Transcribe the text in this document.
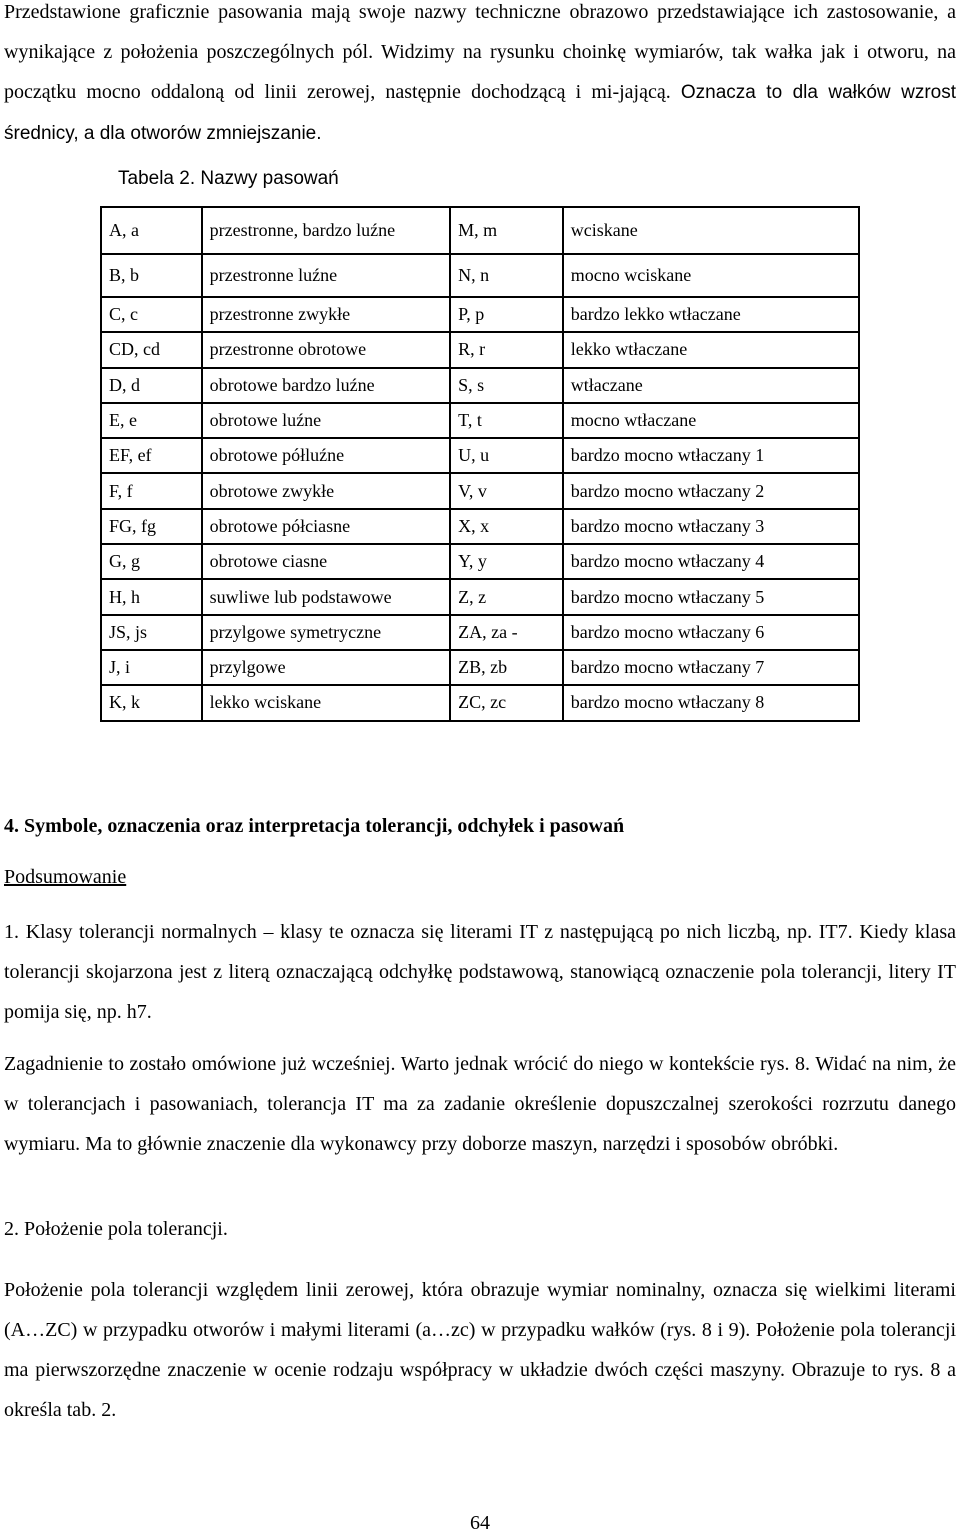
Przedstawione graficznie pasowania mają swoje nazwy techniczne obrazowo przedstawiające ich zastosowanie, a wynikające z położenia poszczególnych pól. Widzimy na rysunku choinkę wymiarów, tak wałka jak i otworu, na początku mocno oddaloną od linii zerowej, następnie dochodzącą i mi-jającą. Oznacza to dla wałków wzrost średnicy, a dla otworów zmniejszanie.

Tabela 2. Nazwy pasowań
A, a	przestronne, bardzo luźne	M, m	wciskane
B, b	przestronne luźne	N, n	mocno wciskane
C, c	przestronne zwykłe	P, p	bardzo lekko wtłaczane
CD, cd	przestronne obrotowe	R, r	lekko wtłaczane
D, d	obrotowe bardzo luźne	S, s	wtłaczane
E, e	obrotowe luźne	T, t	mocno wtłaczane
EF, ef	obrotowe półluźne	U, u	bardzo mocno wtłaczany 1
F, f	obrotowe zwykłe	V, v	bardzo mocno wtłaczany 2
FG, fg	obrotowe półciasne	X, x	bardzo mocno wtłaczany 3
G, g	obrotowe ciasne	Y, y	bardzo mocno wtłaczany 4
H, h	suwliwe lub podstawowe	Z, z	bardzo mocno wtłaczany 5
JS, js	przylgowe symetryczne	ZA, za -	bardzo mocno wtłaczany 6
J, i	przylgowe	ZB, zb	bardzo mocno wtłaczany 7
K, k	lekko wciskane	ZC, zc	bardzo mocno wtłaczany 8

4. Symbole, oznaczenia oraz interpretacja tolerancji, odchyłek i pasowań

Podsumowanie

1. Klasy tolerancji normalnych – klasy te oznacza się literami IT z następującą po nich liczbą, np. IT7. Kiedy klasa tolerancji skojarzona jest z literą oznaczającą odchyłkę podstawową, stanowiącą oznaczenie pola tolerancji, litery IT pomija się, np. h7.

Zagadnienie to zostało omówione już wcześniej. Warto jednak wrócić do niego w kontekście rys. 8. Widać na nim, że w tolerancjach i pasowaniach, tolerancja IT ma za zadanie określenie dopuszczalnej szerokości rozrzutu danego wymiaru. Ma to głównie znaczenie dla wykonawcy przy doborze maszyn, narzędzi i sposobów obróbki.

2. Położenie pola tolerancji.

Położenie pola tolerancji względem linii zerowej, która obrazuje wymiar nominalny, oznacza się wielkimi literami (A…ZC) w przypadku otworów i małymi literami (a…zc) w przypadku wałków (rys. 8 i 9). Położenie pola tolerancji ma pierwszorzędne znaczenie w ocenie rodzaju współpracy w układzie dwóch części maszyny. Obrazuje to rys. 8 a określa tab. 2.

64
